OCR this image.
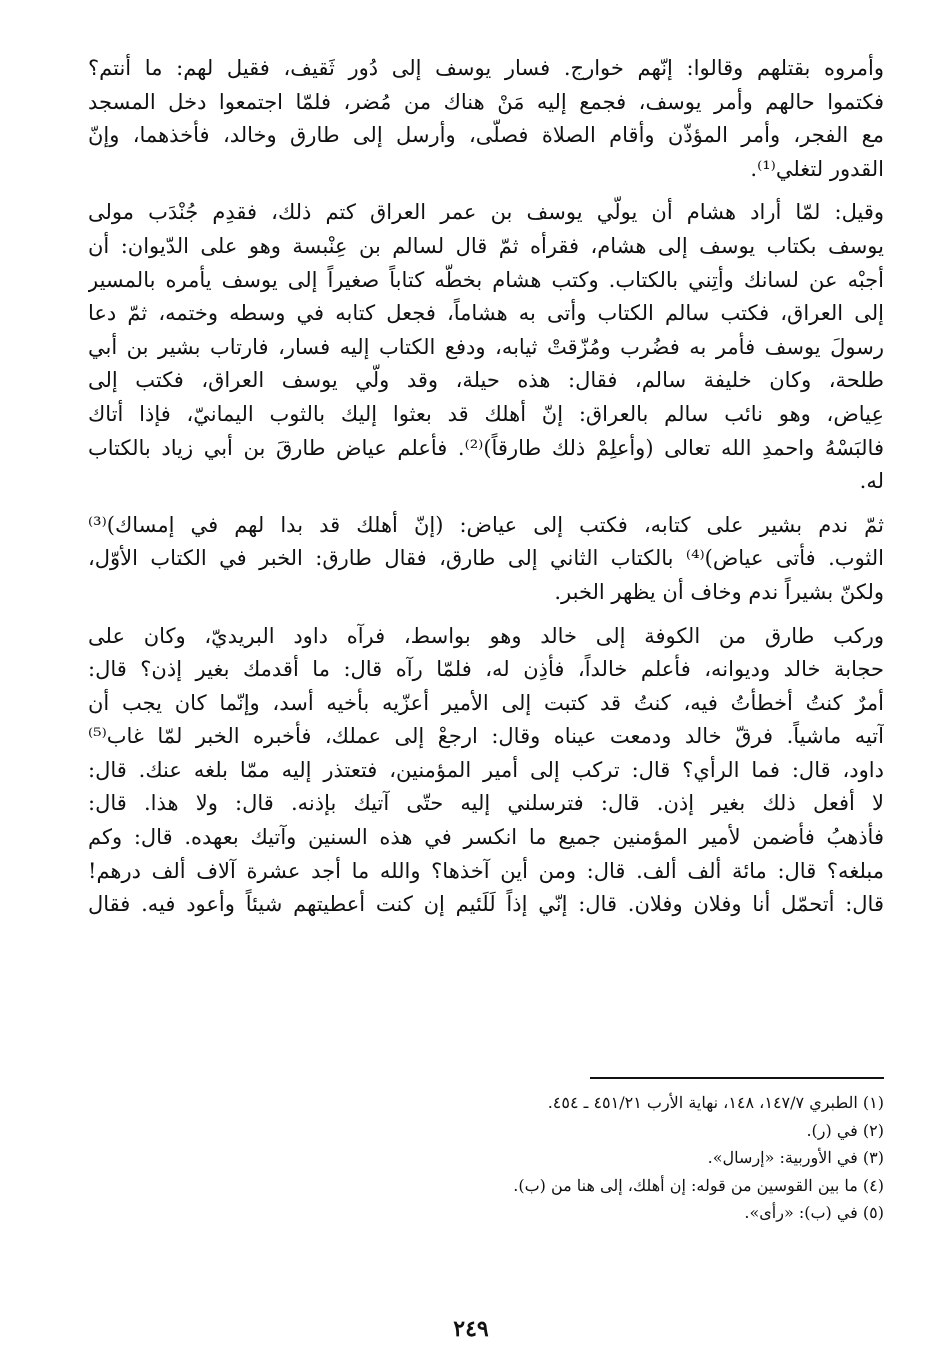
وأمروه بقتلهم وقالوا: إنّهم خوارج. فسار يوسف إلى دُور ثَقيف، فقيل لهم: ما أنتم؟
فكتموا حالهم وأمر يوسف، فجمع إليه مَنْ هناك من مُضر، فلمّا اجتمعوا دخل المسجد
مع الفجر، وأمر المؤذّن وأقام الصلاة فصلّى، وأرسل إلى طارق وخالد، فأخذهما، وإنّ
القدور لتغلي⁽¹⁾.
وقيل: لمّا أراد هشام أن يولّي يوسف بن عمر العراق كتم ذلك، فقدِم جُنْدَب مولى
يوسف بكتاب يوسف إلى هشام، فقرأه ثمّ قال لسالم بن عِنْبسة وهو على الدّيوان: أن
أجبْه عن لسانك وأتِني بالكتاب. وكتب هشام بخطّه كتاباً صغيراً إلى يوسف يأمره بالمسير
إلى العراق، فكتب سالم الكتاب وأتى به هشاماً، فجعل كتابه في وسطه وختمه، ثمّ دعا
رسولَ يوسف فأمر به فضُرب ومُزّقتْ ثيابه، ودفع الكتاب إليه فسار، فارتاب بشير بن أبي
طلحة، وكان خليفة سالم، فقال: هذه حيلة، وقد ولّي يوسف العراق، فكتب إلى
عِياض، وهو نائب سالم بالعراق: إنّ أهلك قد بعثوا إليك بالثوب اليمانيّ، فإذا أتاك
فالبَسْهُ واحمدِ الله تعالى (وأعلِمْ ذلك طارقاً)⁽²⁾. فأعلم عياض طارقَ بن أبي زياد بالكتاب
له.
ثمّ ندم بشير على كتابه، فكتب إلى عياض: (إنّ أهلك قد بدا لهم في إمساك)⁽³⁾
الثوب. فأتى عياض)⁽⁴⁾ بالكتاب الثاني إلى طارق، فقال طارق: الخبر في الكتاب الأوّل،
ولكنّ بشيراً ندم وخاف أن يظهر الخبر.
وركب طارق من الكوفة إلى خالد وهو بواسط، فرآه داود البريديّ، وكان على
حجابة خالد وديوانه، فأعلم خالداً، فأذِن له، فلمّا رآه قال: ما أقدمك بغير إذن؟ قال:
أمرٌ كنتُ أخطأتُ فيه، كنتُ قد كتبت إلى الأمير أعزّيه بأخيه أسد، وإنّما كان يجب أن
آتيه ماشياً. فرقّ خالد ودمعت عيناه وقال: ارجعْ إلى عملك، فأخبره الخبر لمّا غاب⁽⁵⁾
داود، قال: فما الرأي؟ قال: تركب إلى أمير المؤمنين، فتعتذر إليه ممّا بلغه عنك. قال:
لا أفعل ذلك بغير إذن. قال: فترسلني إليه حتّى آتيك بإذنه. قال: ولا هذا. قال:
فأذهبُ فأضمن لأمير المؤمنين جميع ما انكسر في هذه السنين وآتيك بعهده. قال: وكم
مبلغه؟ قال: مائة ألف ألف. قال: ومن أين آخذها؟ والله ما أجد عشرة آلاف ألف درهم!
قال: أتحمّل أنا وفلان وفلان. قال: إنّي إذاً لَلَئيم إن كنت أعطيتهم شيئاً وأعود فيه. فقال
(١) الطبري ١٤٧/٧، ١٤٨، نهاية الأرب ٤٥١/٢١ ـ ٤٥٤.
(٢) في (ر).
(٣) في الأوربية: «إرسال».
(٤) ما بين القوسين من قوله: إن أهلك، إلى هنا من (ب).
(٥) في (ب): «رأى».
٢٤٩
